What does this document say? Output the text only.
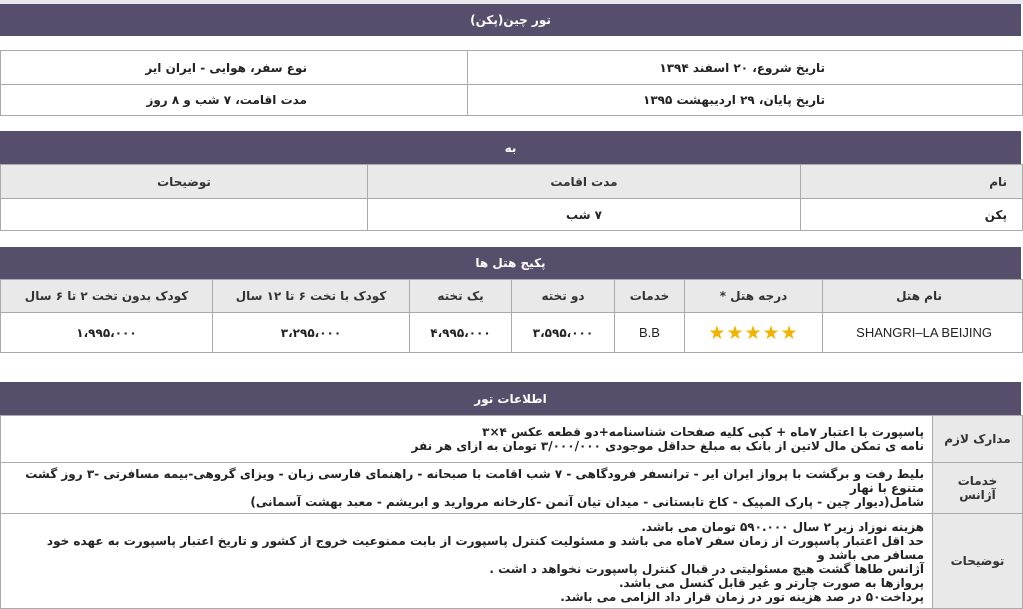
تور چین(پکن)
تاریخ شروع، ۲۰ اسفند ۱۳۹۴	نوع سفر، هوایی - ایران ایر
تاریخ پایان، ۲۹ اردیبهشت ۱۳۹۵	مدت اقامت، ۷ شب و ۸ روز
به
نام	مدت اقامت	توضیحات
پکن	۷ شب	
پکیج هتل ها
نام هتل	درجه هتل *	خدمات	دو تخته	یک تخته	کودک با تخت ۶ تا ۱۲ سال	کودک بدون تخت ۲ تا ۶ سال
SHANGRI–LA BEIJING	★★★★★	B.B	۳،۵۹۵،۰۰۰	۴،۹۹۵،۰۰۰	۳،۲۹۵،۰۰۰	۱،۹۹۵،۰۰۰
اطلاعات تور
مدارک لازم	پاسپورت با اعتبار ۷ماه + کپی کلیه صفحات شناسنامه+دو قطعه عکس ۴×۳
نامه ی تمکن مال لاتین از بانک به مبلغ حداقل موجودی ۳/۰۰۰/۰۰۰ تومان به ازای هر نفر

خدمات آژانس	بلیط رفت و برگشت با پرواز ایران ایر - ترانسفر فرودگاهی - ۷ شب اقامت با صبحانه - راهنمای فارسی زبان - ویزای گروهی-بیمه مسافرتی -۳ روز گشت متنوع با نهار
شامل(دیوار چین - پارک المپیک - کاخ تابستانی - میدان تیان آنمن -کارخانه مروارید و ابریشم - معبد بهشت آسمانی)

توضیحات	هزینه نوزاد زیر ۲ سال ۵۹۰.۰۰۰ تومان می باشد.
حد اقل اعتبار پاسپورت از زمان سفر ۷ماه می باشد و مسئولیت کنترل پاسپورت از بابت ممنوعیت خروج از کشور و تاریخ اعتبار پاسپورت به عهده خود مسافر می باشد و
آژانس طاها گشت هیچ مسئولیتی در قبال کنترل پاسپورت نخواهد د اشت .
پروازها به صورت چارتر و غیر قابل کنسل می باشد.
پرداخت۵۰ در صد هزینه تور در زمان قرار داد الزامی می باشد.
